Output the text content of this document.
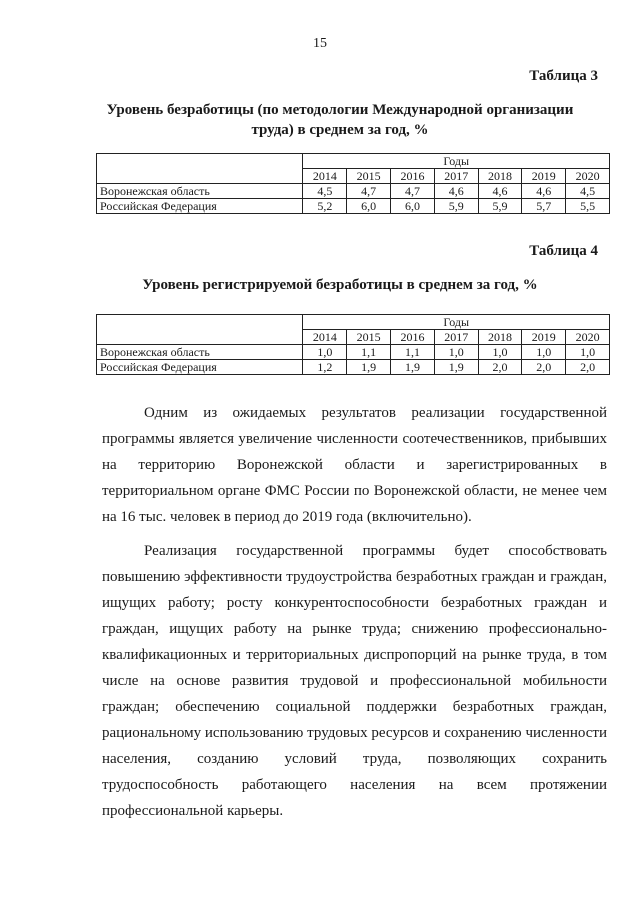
15
Таблица 3
Уровень безработицы (по методологии Международной организации
труда) в среднем за год, %
	Годы						
	2014	2015	2016	2017	2018	2019	2020
Воронежская область	4,5	4,7	4,7	4,6	4,6	4,6	4,5
Российская Федерация	5,2	6,0	6,0	5,9	5,9	5,7	5,5
Таблица 4
Уровень регистрируемой безработицы в среднем за год, %
	Годы						
	2014	2015	2016	2017	2018	2019	2020
Воронежская область	1,0	1,1	1,1	1,0	1,0	1,0	1,0
Российская Федерация	1,2	1,9	1,9	1,9	2,0	2,0	2,0

Одним из ожидаемых результатов реализации государственной программы является увеличение численности соотечественников, прибывших на территорию Воронежской области и зарегистрированных в территориальном органе ФМС России по Воронежской области, не менее чем на 16 тыс. человек в период до 2019 года (включительно).

Реализация государственной программы будет способствовать повышению эффективности трудоустройства безработных граждан и граждан, ищущих работу; росту конкурентоспособности безработных граждан и граждан, ищущих работу на рынке труда; снижению профессионально-квалификационных и территориальных диспропорций на рынке труда, в том числе на основе развития трудовой и профессиональной мобильности граждан; обеспечению социальной поддержки безработных граждан, рациональному использованию трудовых ресурсов и сохранению численности населения, созданию условий труда, позволяющих сохранить трудоспособность работающего населения на всем протяжении профессиональной карьеры.
